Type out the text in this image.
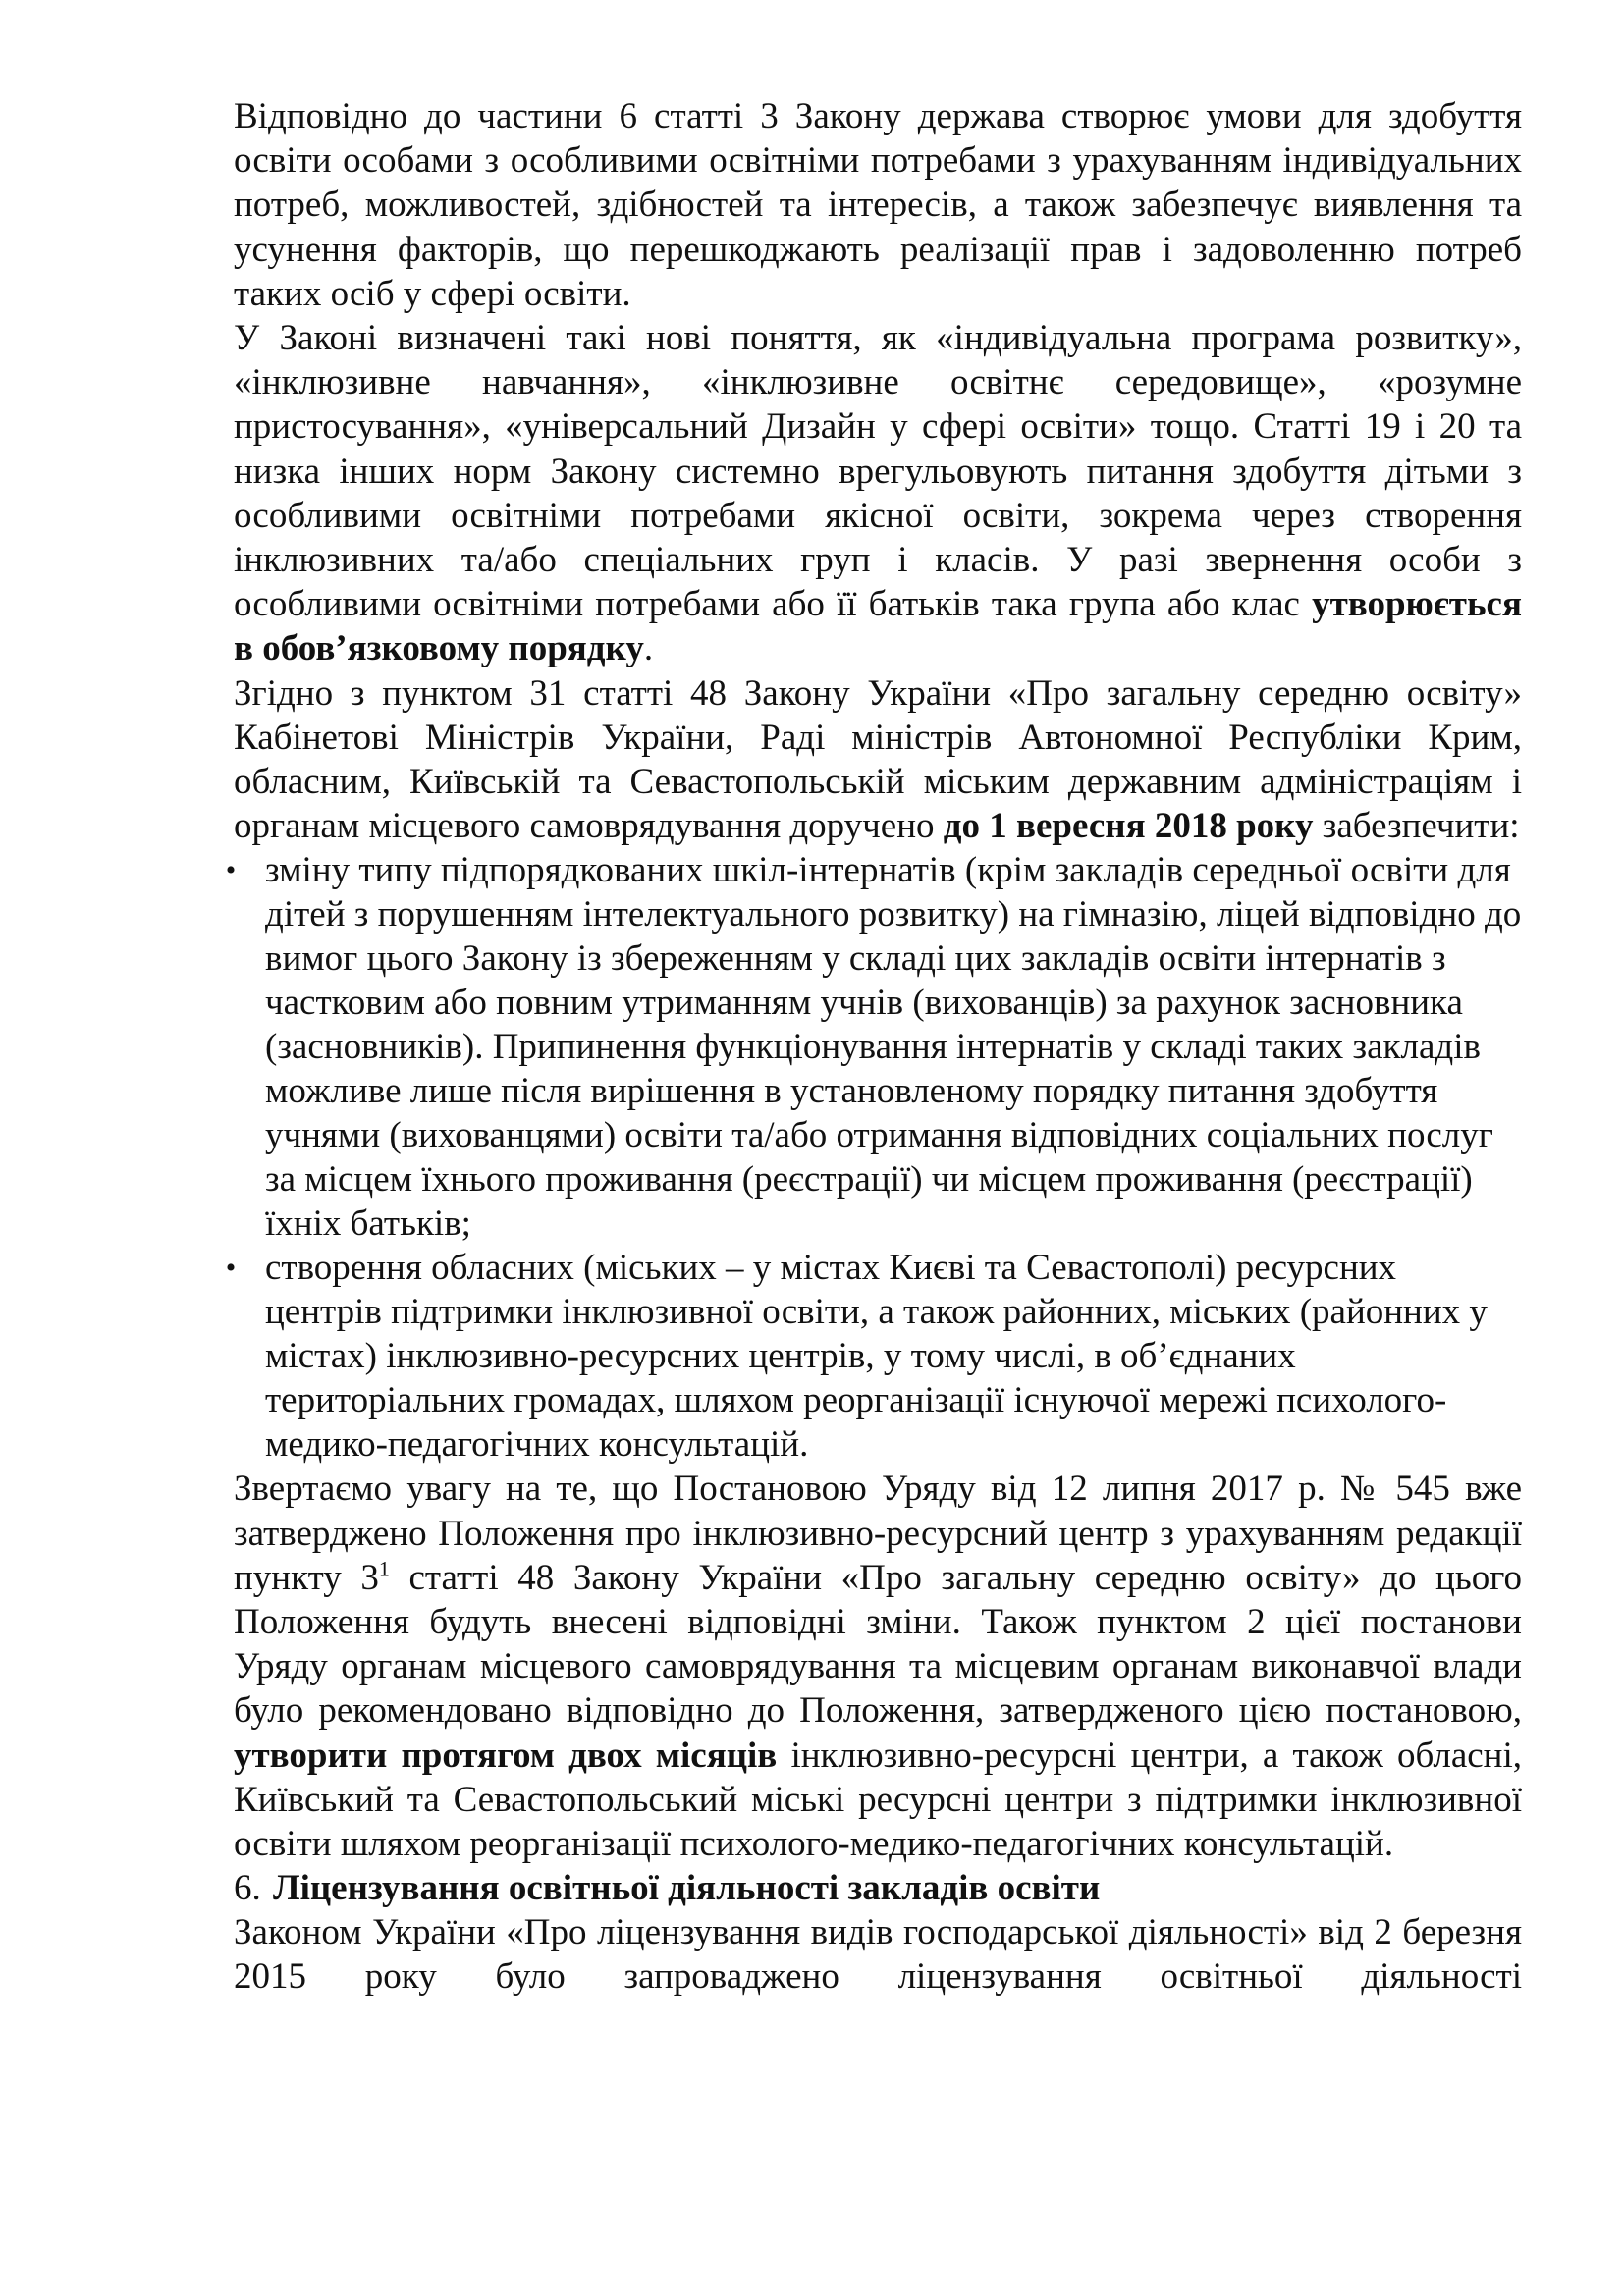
Відповідно до частини 6 статті 3 Закону держава створює умови для здобуття освіти особами з особливими освітніми потребами з урахуванням індивідуальних потреб, можливостей, здібностей та інтересів, а також забезпечує виявлення та усунення факторів, що перешкоджають реалізації прав і задоволенню потреб таких осіб у сфері освіти.

У Законі визначені такі нові поняття, як «індивідуальна програма розвитку», «інклюзивне навчання», «інклюзивне освітнє середовище», «розумне пристосування», «універсальний Дизайн у сфері освіти» тощо. Статті 19 і 20 та низка інших норм Закону системно врегульовують питання здобуття дітьми з особливими освітніми потребами якісної освіти, зокрема через створення інклюзивних та/або спеціальних груп і класів. У разі звернення особи з особливими освітніми потребами або її батьків така група або клас утворюється в обов’язковому порядку.

Згідно з пунктом 31 статті 48 Закону України «Про загальну середню освіту» Кабінетові Міністрів України, Раді міністрів Автономної Республіки Крим, обласним, Київській та Севастопольській міським державним адміністраціям і органам місцевого самоврядування доручено до 1 вересня 2018 року забезпечити:

• зміну типу підпорядкованих шкіл-інтернатів (крім закладів середньої освіти для дітей з порушенням інтелектуального розвитку) на гімназію, ліцей відповідно до вимог цього Закону із збереженням у складі цих закладів освіти інтернатів з частковим або повним утриманням учнів (вихованців) за рахунок засновника (засновників). Припинення функціонування інтернатів у складі таких закладів можливе лише після вирішення в установленому порядку питання здобуття учнями (вихованцями) освіти та/або отримання відповідних соціальних послуг за місцем їхнього проживання (реєстрації) чи місцем проживання (реєстрації) їхніх батьків;
• створення обласних (міських – у містах Києві та Севастополі) ресурсних центрів підтримки інклюзивної освіти, а також районних, міських (районних у містах) інклюзивно-ресурсних центрів, у тому числі, в об’єднаних територіальних громадах, шляхом реорганізації існуючої мережі психолого-медико-педагогічних консультацій.

Звертаємо увагу на те, що Постановою Уряду від 12 липня 2017 р. № 545 вже затверджено Положення про інклюзивно-ресурсний центр з урахуванням редакції пункту $3^1$ статті 48 Закону України «Про загальну середню освіту» до цього Положення будуть внесені відповідні зміни. Також пунктом 2 цієї постанови Уряду органам місцевого самоврядування та місцевим органам виконавчої влади було рекомендовано відповідно до Положення, затвердженого цією постановою, утворити протягом двох місяців інклюзивно-ресурсні центри, а також обласні, Київський та Севастопольський міські ресурсні центри з підтримки інклюзивної освіти шляхом реорганізації психолого-медико-педагогічних консультацій.

6. Ліцензування освітньої діяльності закладів освіти

Законом України «Про ліцензування видів господарської діяльності» від 2 березня 2015 року було запроваджено ліцензування освітньої діяльності
